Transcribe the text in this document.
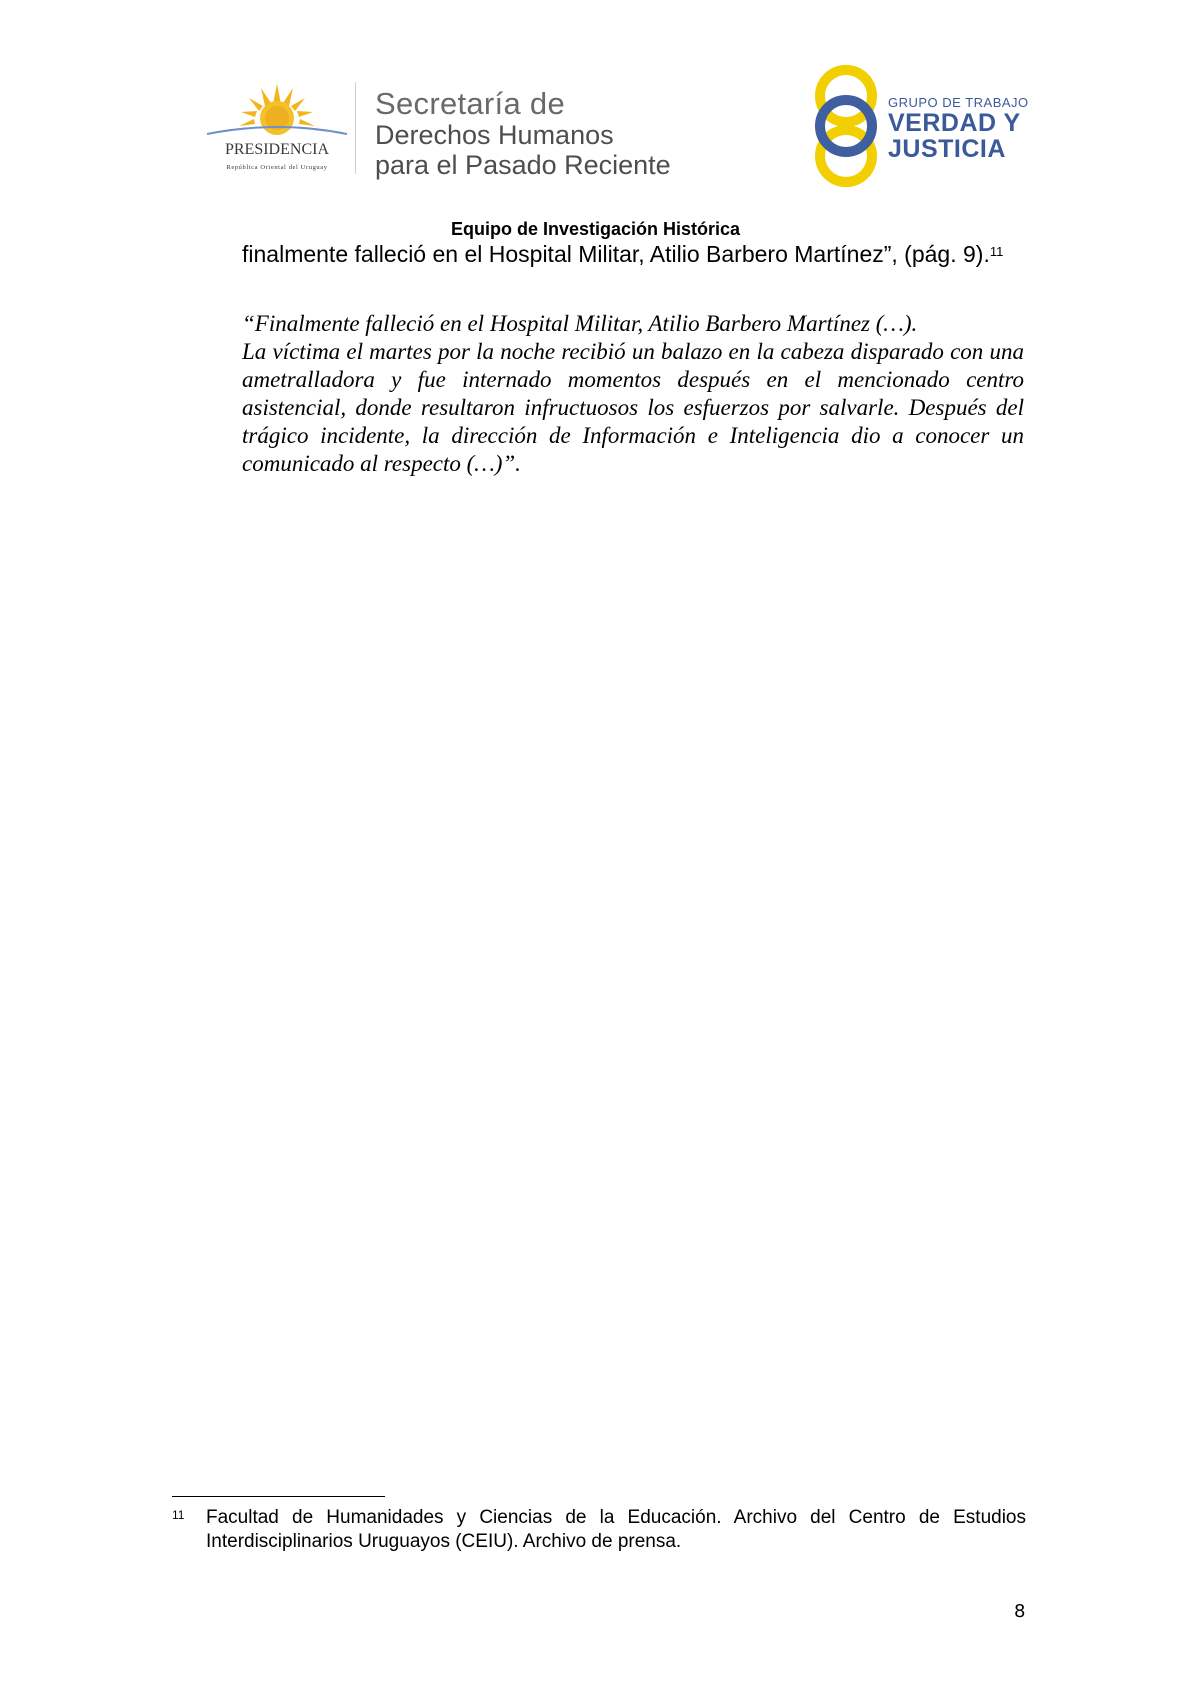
PRESIDENCIA
República Oriental del Uruguay
Secretaría de
Derechos Humanos
para el Pasado Reciente
GRUPO DE TRABAJO
VERDAD Y
JUSTICIA
Equipo de Investigación Histórica
finalmente falleció en el Hospital Militar, Atilio Barbero Martínez”, (pág. 9).$^{11}$

“Finalmente falleció en el Hospital Militar, Atilio Barbero Martínez (…).

La víctima el martes por la noche recibió un balazo en la cabeza disparado con una ametralladora y fue internado momentos después en el mencionado centro asistencial, donde resultaron infructuosos los esfuerzos por salvarle. Después del trágico incidente, la dirección de Información e Inteligencia dio a conocer un comunicado al respecto (…)”.

11 Facultad de Humanidades y Ciencias de la Educación. Archivo del Centro de Estudios Interdisciplinarios Uruguayos (CEIU). Archivo de prensa.
8
